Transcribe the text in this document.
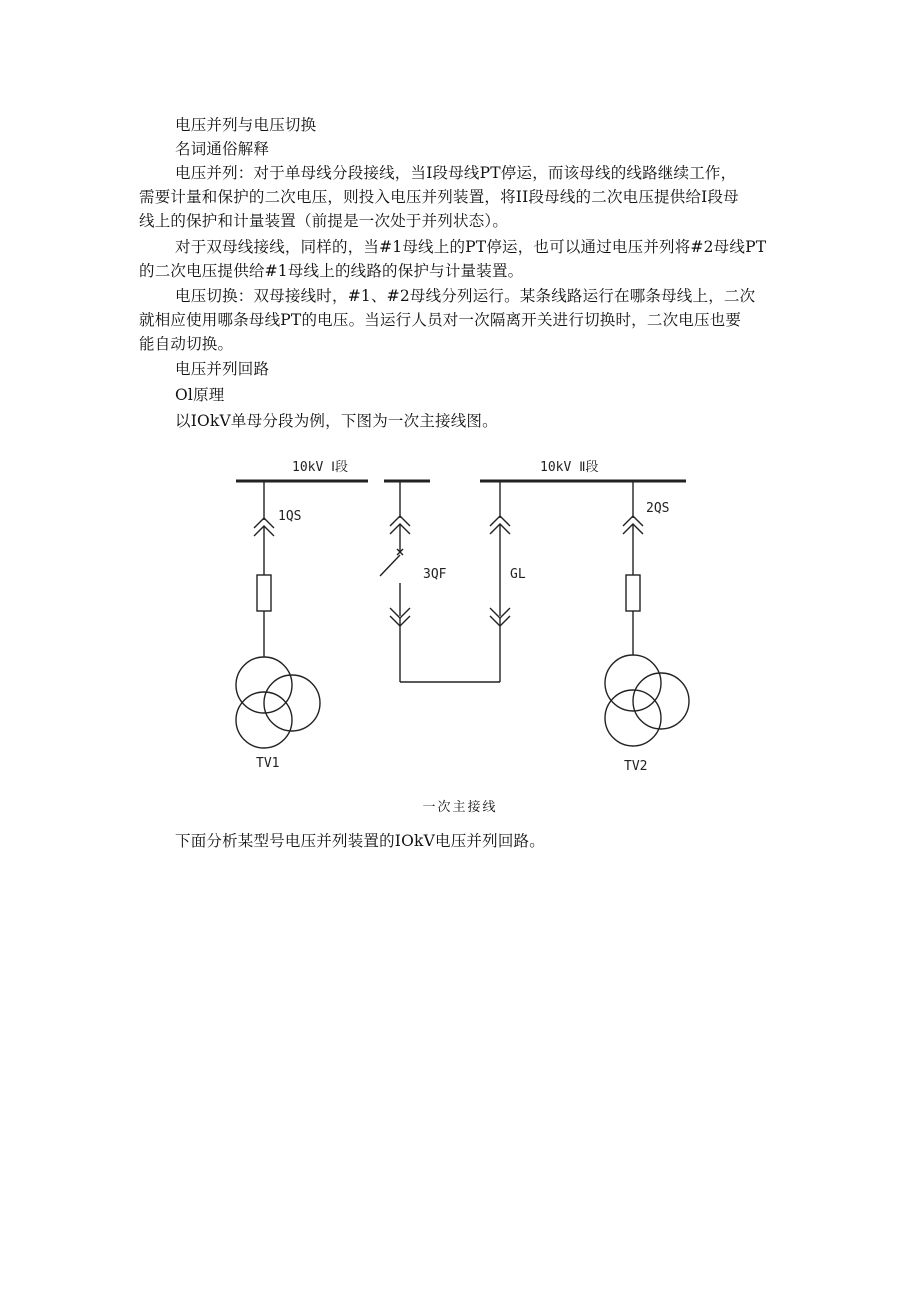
电压并列与电压切换
名词通俗解释
电压并列：对于单母线分段接线，当I段母线PT停运，而该母线的线路继续工作，
需要计量和保护的二次电压，则投入电压并列装置，将II段母线的二次电压提供给I段母
线上的保护和计量装置（前提是一次处于并列状态）。
对于双母线接线，同样的，当#1母线上的PT停运，也可以通过电压并列将#2母线PT
的二次电压提供给#1母线上的线路的保护与计量装置。
电压切换：双母接线时，#1、#2母线分列运行。某条线路运行在哪条母线上，二次
就相应使用哪条母线PT的电压。当运行人员对一次隔离开关进行切换时，二次电压也要
能自动切换。
电压并列回路
Ol原理
以IOkV单母分段为例，下图为一次主接线图。
10kV Ⅰ段	10kV Ⅱ段
1QS
2QS
3QF	GL
TV1	TV2
一次主接线
下面分析某型号电压并列装置的IOkV电压并列回路。
